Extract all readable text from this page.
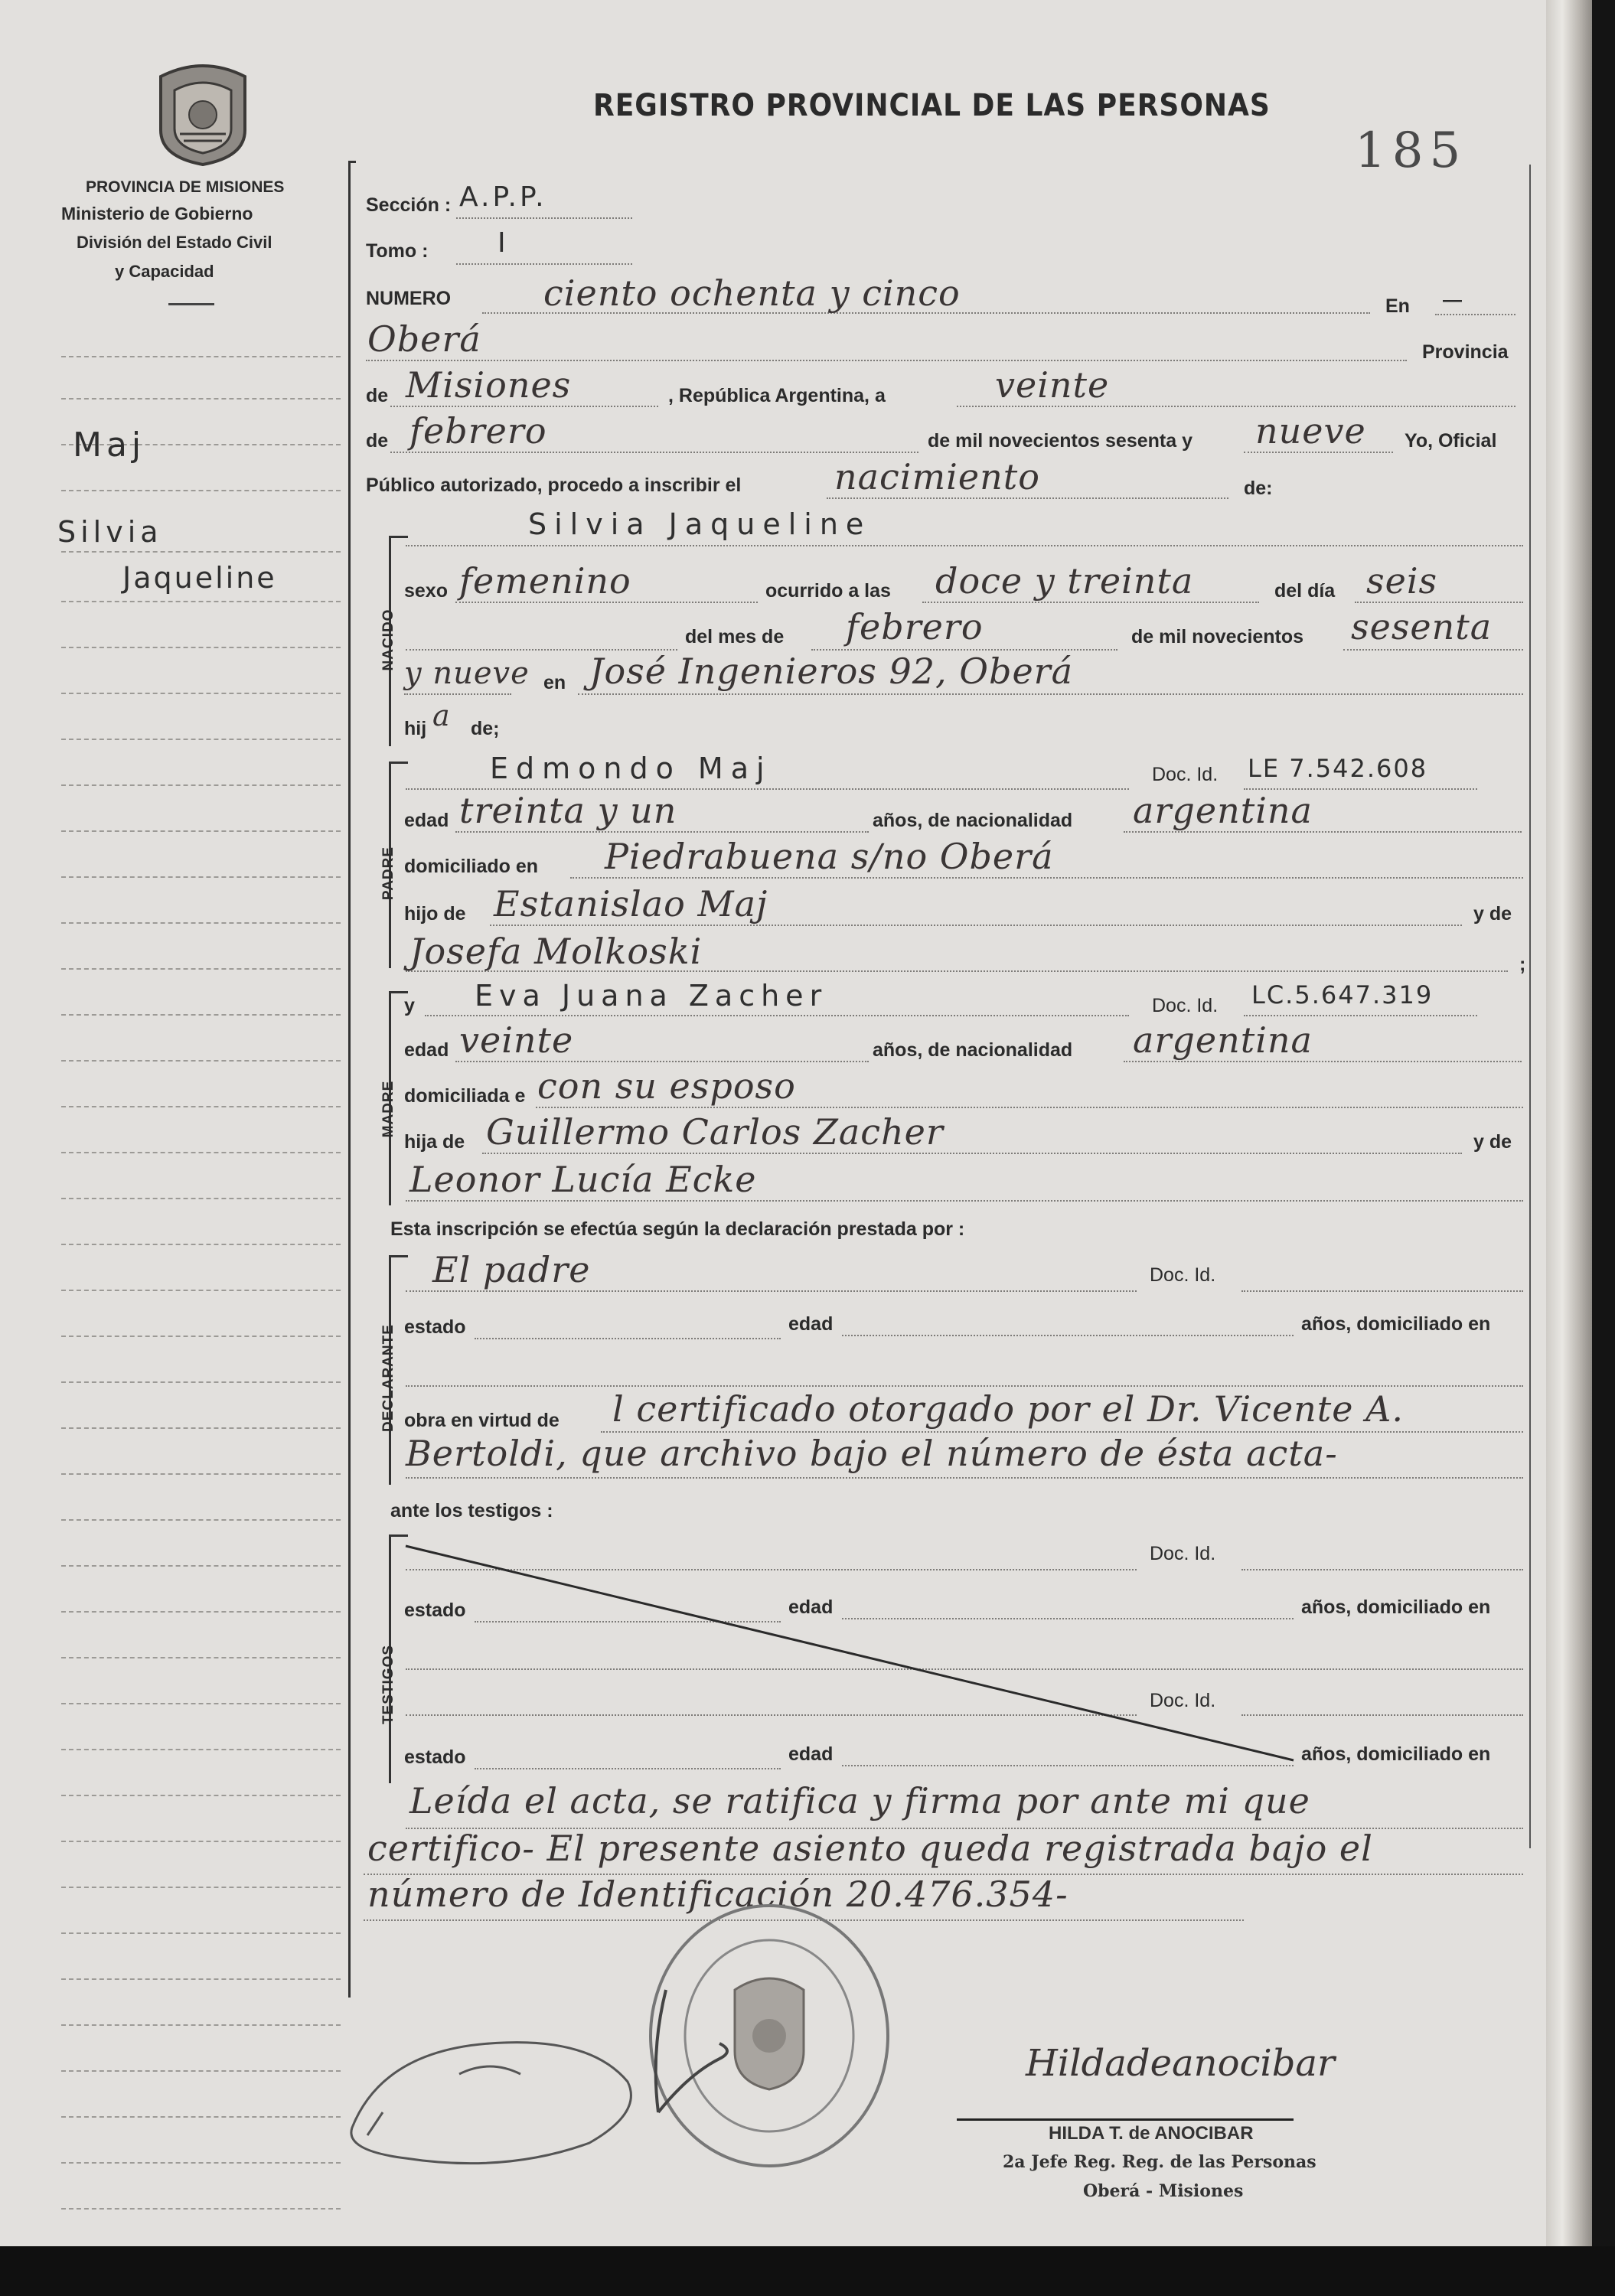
PROVINCIA DE MISIONES
Ministerio de Gobierno
División del Estado Civil
y Capacidad
REGISTRO PROVINCIAL DE LAS PERSONAS
185
NACIDO
PADRE
MADRE
DECLARANTE
TESTIGOS
Maj
Silvia
Jaqueline
Sección : A.P.P.
Tomo :	I
NUMERO	ciento ochenta y cinco	En —
Oberá	Provincia
de Misiones	, República Argentina, a	veinte
de febrero	de mil novecientos sesenta y nueve Yo, Oficial
Público autorizado, procedo a inscribir el	nacimiento	de:
Silvia Jaqueline
sexo femenino	ocurrido a las doce y treinta	del día seis
del mes de febrero	de mil novecientos sesenta
y nueve en José Ingenieros 92, Oberá
hij a de;
Edmondo Maj	Doc. Id. LE 7.542.608
edad treinta y un	años, de nacionalidad argentina
domiciliado en Piedrabuena s/no Oberá
hijo de Estanislao Maj	y de
Josefa Molkoski	;
y Eva Juana Zacher	Doc. Id. LC.5.647.319
edad veinte	años, de nacionalidad argentina
domiciliada e con su esposo
hija de Guillermo Carlos Zacher	y de
Leonor Lucía Ecke
Esta inscripción se efectúa según la declaración prestada por :
El padre	Doc. Id.
estado	edad	años, domiciliado en
obra en virtud de l certificado otorgado por el Dr. Vicente A.
Bertoldi, que archivo bajo el número de ésta acta-
ante los testigos :
Doc. Id.
estado	edad	años, domiciliado en
Doc. Id.
estado	edad	años, domiciliado en
Leída el acta, se ratifica y firma por ante mi que
certifico- El presente asiento queda registrada bajo el
número de Identificación 20.476.354-
Hildadeanocibar
HILDA T. de ANOCIBAR
2a Jefe Reg. Reg. de las Personas
Oberá - Misiones
